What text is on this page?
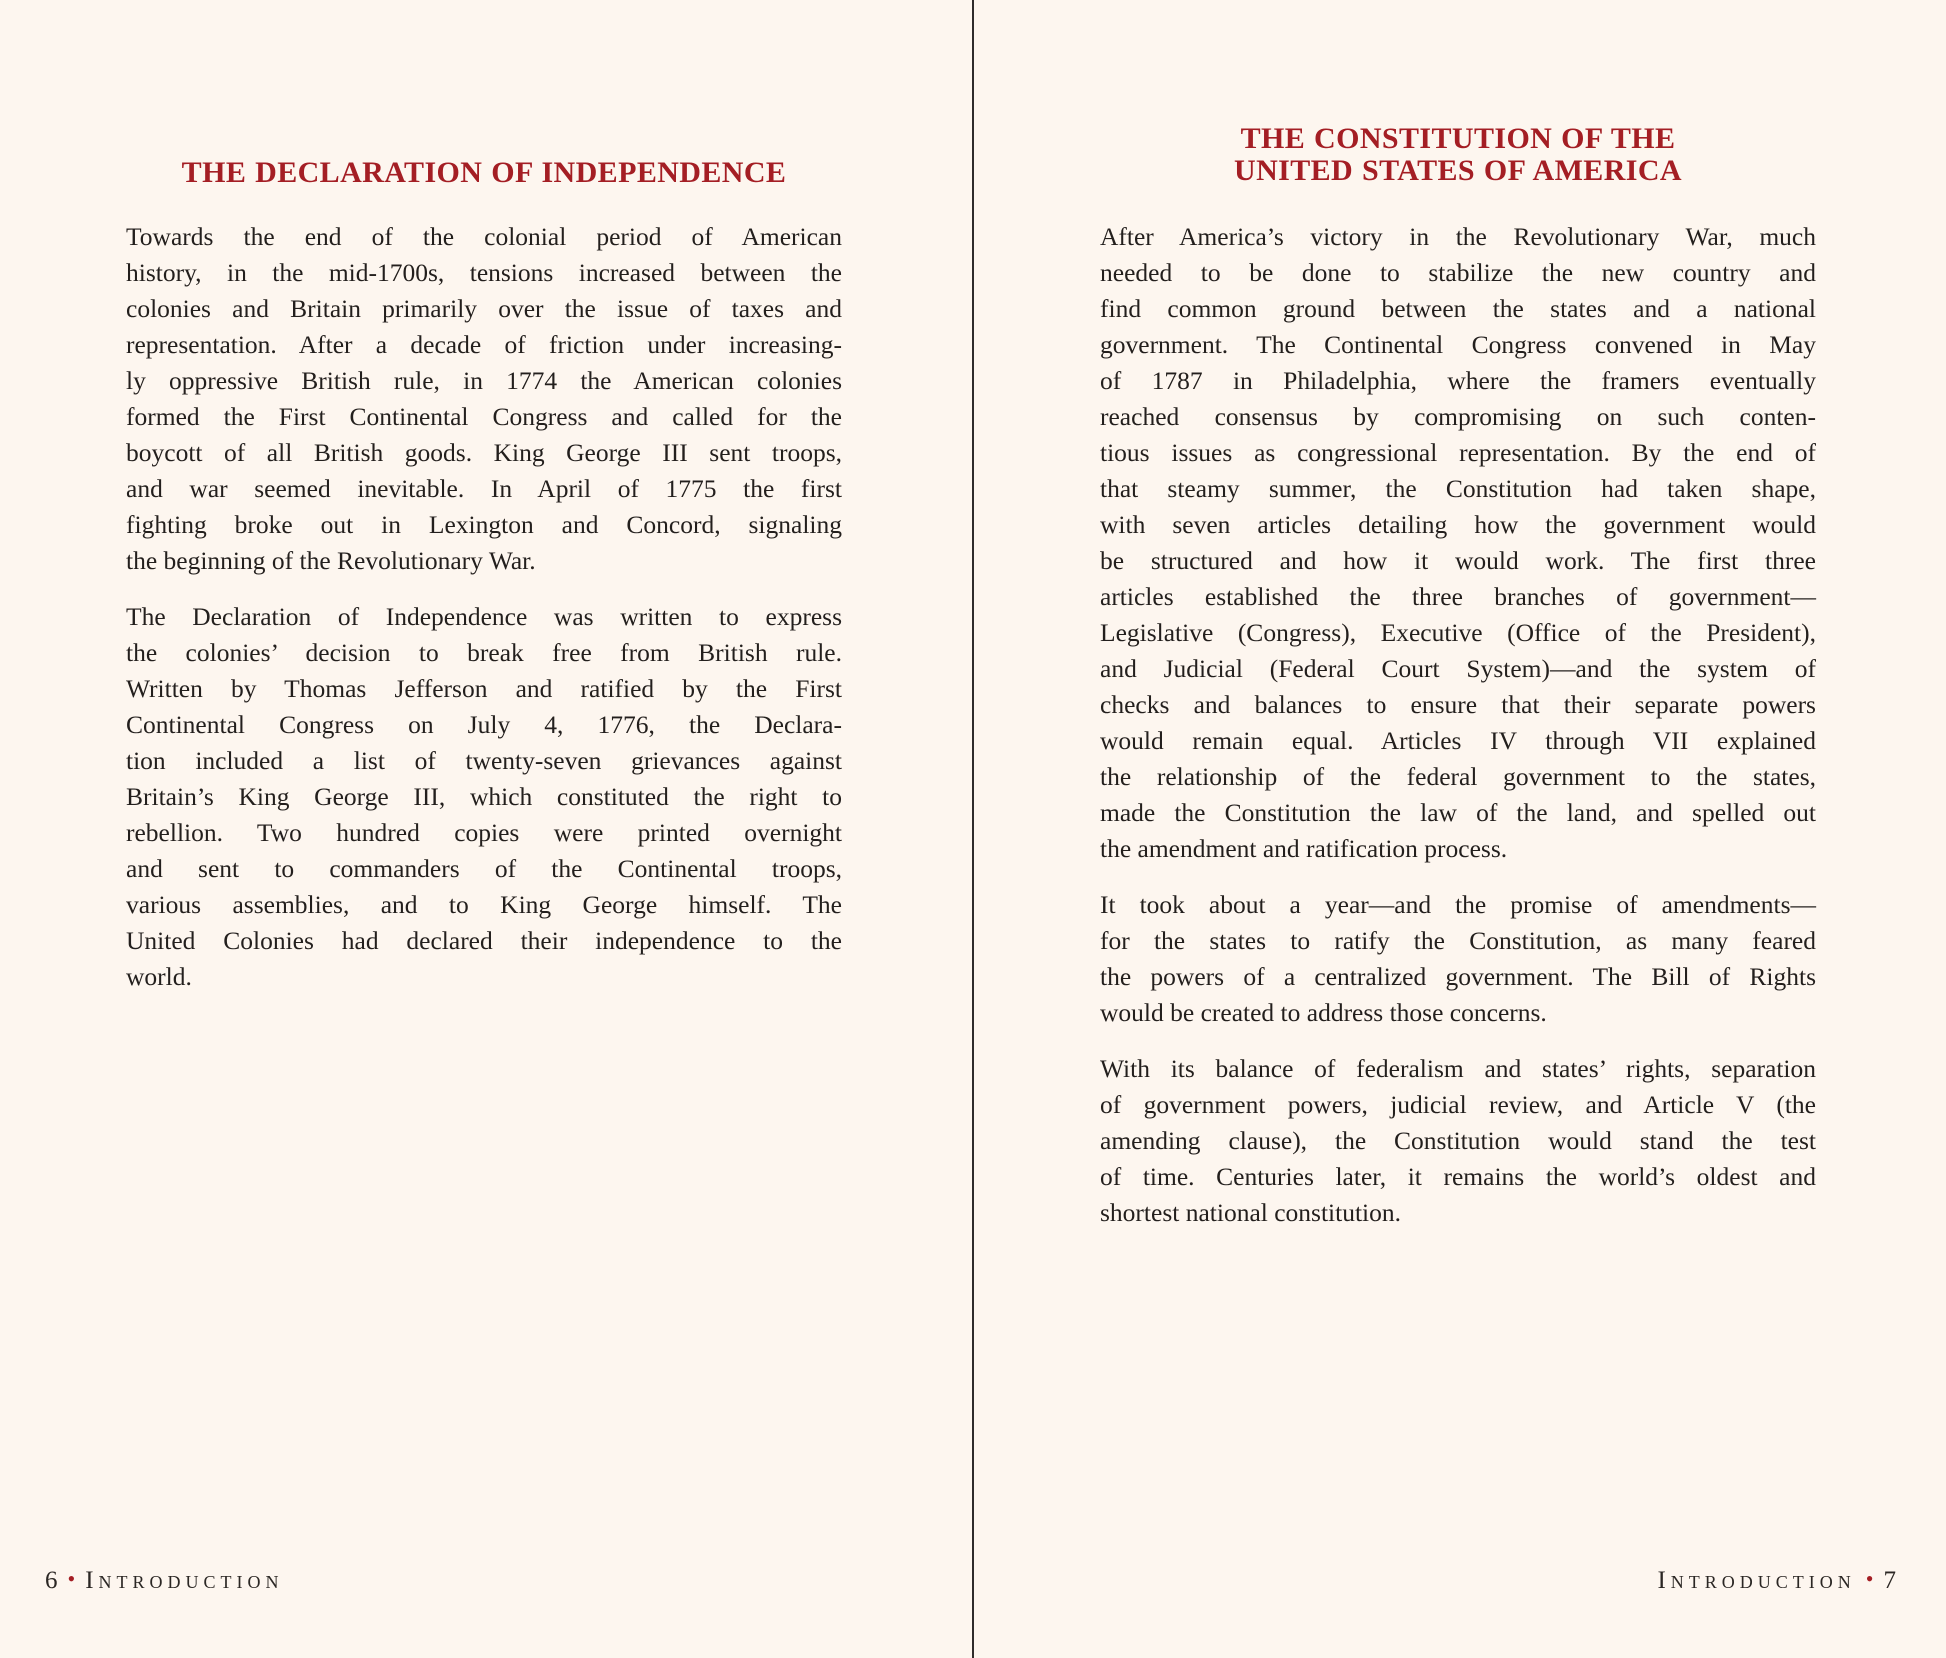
THE DECLARATION OF INDEPENDENCE
Towards the end of the colonial period of American
history, in the mid-1700s, tensions increased between the
colonies and Britain primarily over the issue of taxes and
representation. After a decade of friction under increasing-
ly oppressive British rule, in 1774 the American colonies
formed the First Continental Congress and called for the
boycott of all British goods. King George III sent troops,
and war seemed inevitable. In April of 1775 the first
fighting broke out in Lexington and Concord, signaling
the beginning of the Revolutionary War.
The Declaration of Independence was written to express
the colonies’ decision to break free from British rule.
Written by Thomas Jefferson and ratified by the First
Continental Congress on July 4, 1776, the Declara-
tion included a list of twenty-seven grievances against
Britain’s King George III, which constituted the right to
rebellion. Two hundred copies were printed overnight
and sent to commanders of the Continental troops,
various assemblies, and to King George himself. The
United Colonies had declared their independence to the
world.
6 • Introduction
THE CONSTITUTION OF THE
UNITED STATES OF AMERICA
After America’s victory in the Revolutionary War, much
needed to be done to stabilize the new country and
find common ground between the states and a national
government. The Continental Congress convened in May
of 1787 in Philadelphia, where the framers eventually
reached consensus by compromising on such conten-
tious issues as congressional representation. By the end of
that steamy summer, the Constitution had taken shape,
with seven articles detailing how the government would
be structured and how it would work. The first three
articles established the three branches of government—
Legislative (Congress), Executive (Office of the President),
and Judicial (Federal Court System)—and the system of
checks and balances to ensure that their separate powers
would remain equal. Articles IV through VII explained
the relationship of the federal government to the states,
made the Constitution the law of the land, and spelled out
the amendment and ratification process.
It took about a year—and the promise of amendments—
for the states to ratify the Constitution, as many feared
the powers of a centralized government. The Bill of Rights
would be created to address those concerns.
With its balance of federalism and states’ rights, separation
of government powers, judicial review, and Article V (the
amending clause), the Constitution would stand the test
of time. Centuries later, it remains the world’s oldest and
shortest national constitution.
Introduction • 7
